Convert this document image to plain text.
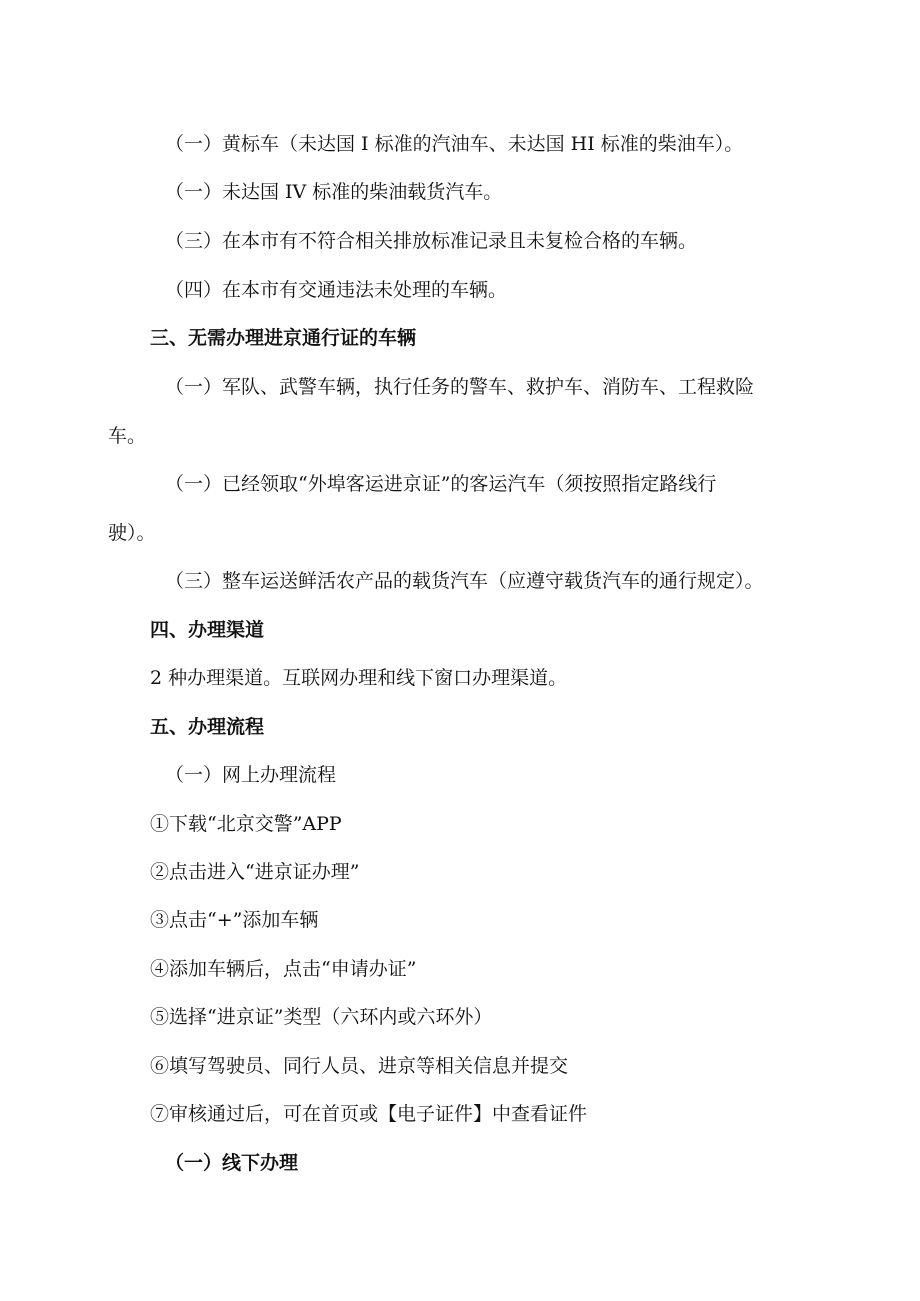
（一）黄标车（未达国 I 标准的汽油车、未达国 HI 标准的柴油车）。
（一）未达国 IV 标准的柴油载货汽车。
（三）在本市有不符合相关排放标准记录且未复检合格的车辆。
（四）在本市有交通违法未处理的车辆。
三、无需办理进京通行证的车辆
（一）军队、武警车辆，执行任务的警车、救护车、消防车、工程救险
车。
（一）已经领取“外埠客运进京证”的客运汽车（须按照指定路线行
驶）。
（三）整车运送鲜活农产品的载货汽车（应遵守载货汽车的通行规定）。
四、办理渠道
2 种办理渠道。互联网办理和线下窗口办理渠道。
五、办理流程
（一）网上办理流程
①下载“北京交警”APP
②点击进入“进京证办理”
③点击“+”添加车辆
④添加车辆后，点击“申请办证”
⑤选择“进京证”类型（六环内或六环外）
⑥填写驾驶员、同行人员、进京等相关信息并提交
⑦审核通过后，可在首页或【电子证件】中查看证件
（一）线下办理
